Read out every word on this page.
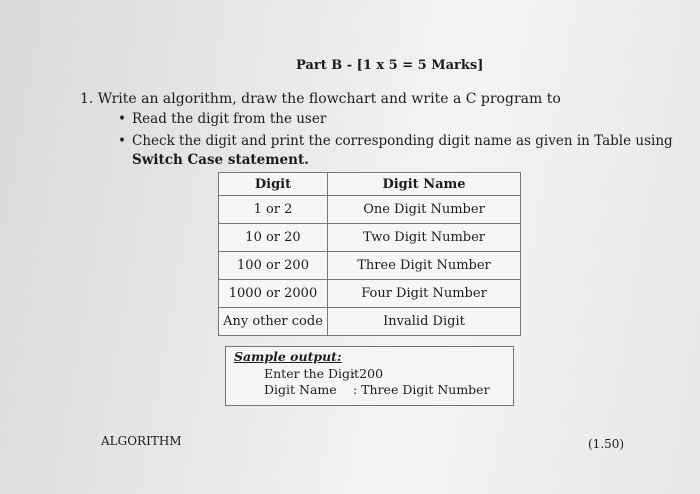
Part B - [1 x 5 = 5 Marks]
1. Write an algorithm, draw the flowchart and write a C program to
• Read the digit from the user
• Check the digit and print the corresponding digit name as given in Table using
Switch Case statement.
Digit	Digit Name
1 or 2	One Digit Number
10 or 20	Two Digit Number
100 or 200	Three Digit Number
1000 or 2000	Four Digit Number
Any other code	Invalid Digit
Sample output:
Enter the Digit
: 200
Digit Name : Three Digit Number
ALGORITHM	(1.50)
